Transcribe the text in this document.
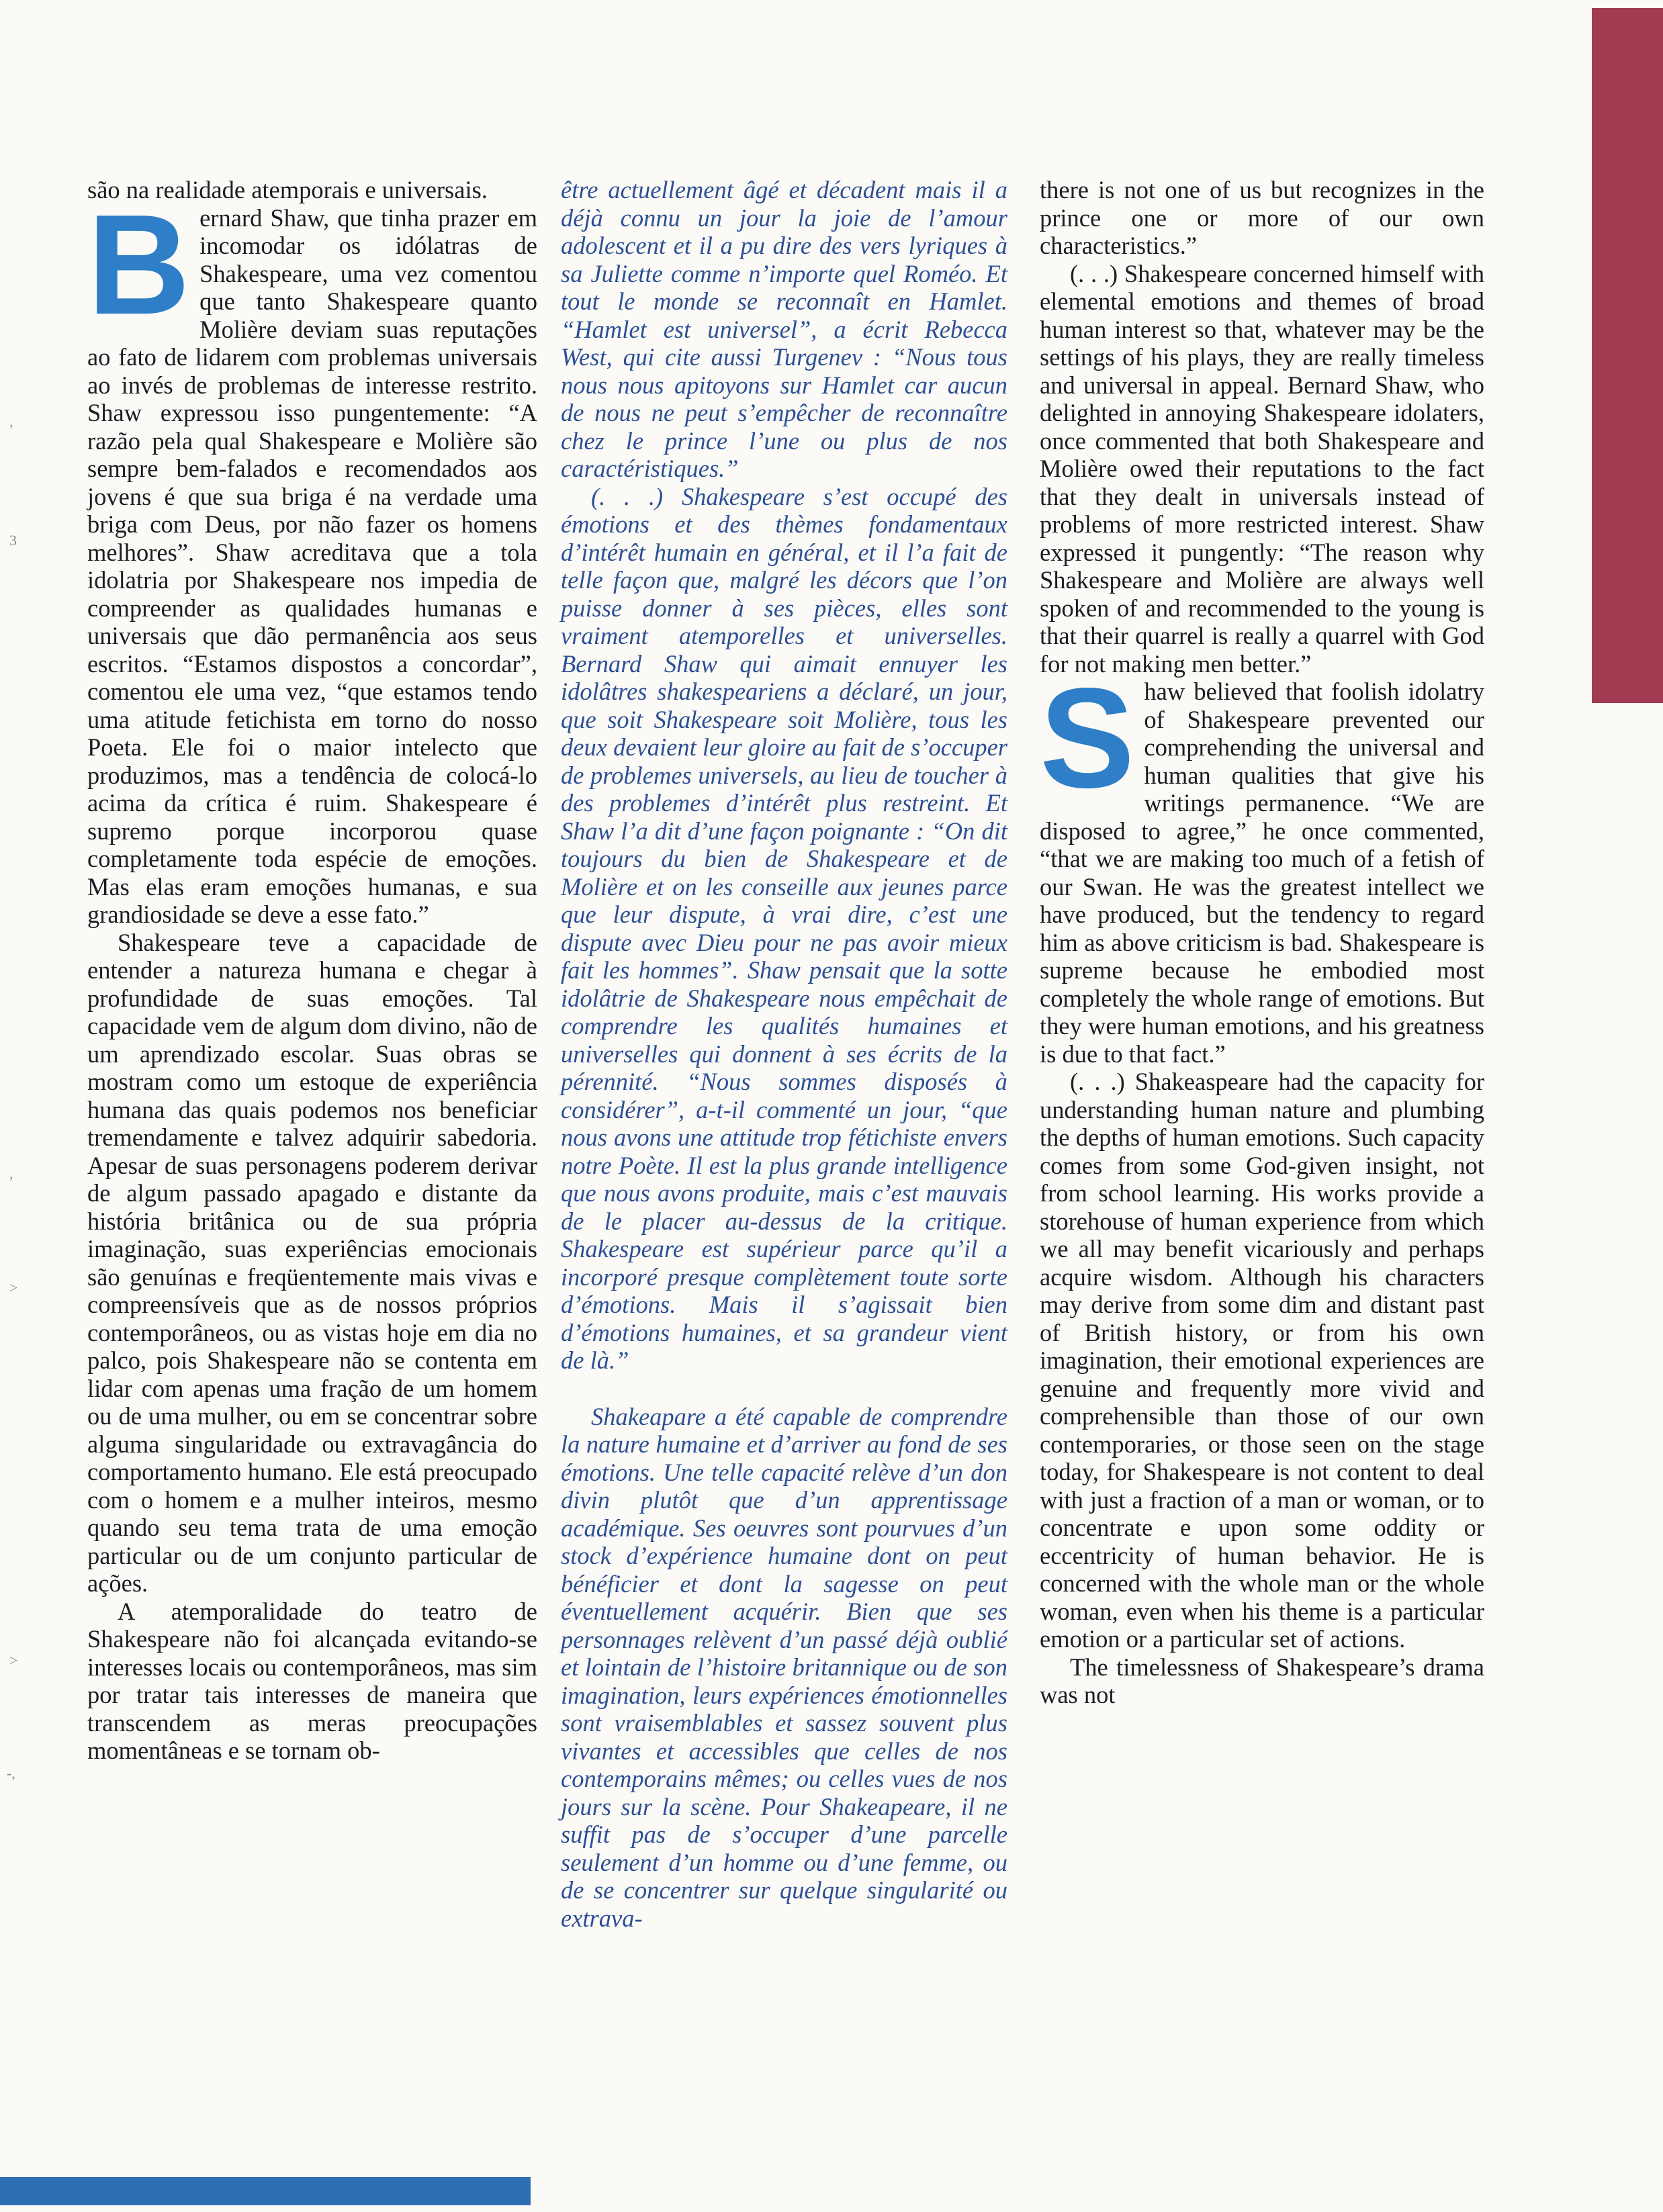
,
3
,
>
>
-,

são na realidade atemporais e universais.

Bernard Shaw, que tinha prazer em incomodar os idólatras de Shakespeare, uma vez comentou que tanto Shakespeare quanto Molière deviam suas reputações ao fato de lidarem com problemas universais ao invés de problemas de interesse restrito. Shaw expressou isso pungentemente: “A razão pela qual Shakespeare e Molière são sempre bem-falados e recomendados aos jovens é que sua briga é na verdade uma briga com Deus, por não fazer os homens melhores”. Shaw acreditava que a tola idolatria por Shakespeare nos impedia de compreender as qualidades humanas e universais que dão permanência aos seus escritos. “Estamos dispostos a concordar”, comentou ele uma vez, “que estamos tendo uma atitude fetichista em torno do nosso Poeta. Ele foi o maior intelecto que produzimos, mas a tendência de colocá-lo acima da crítica é ruim. Shakespeare é supremo porque incorporou quase completamente toda espécie de emoções. Mas elas eram emoções humanas, e sua grandiosidade se deve a esse fato.”

Shakespeare teve a capacidade de entender a natureza humana e chegar à profundidade de suas emoções. Tal capacidade vem de algum dom divino, não de um aprendizado escolar. Suas obras se mostram como um estoque de experiência humana das quais podemos nos beneficiar tremendamente e talvez adquirir sabedoria. Apesar de suas personagens poderem derivar de algum passado apagado e distante da história britânica ou de sua própria imaginação, suas experiências emocionais são genuínas e freqüentemente mais vivas e compreensíveis que as de nossos próprios contemporâneos, ou as vistas hoje em dia no palco, pois Shakespeare não se contenta em lidar com apenas uma fração de um homem ou de uma mulher, ou em se concentrar sobre alguma singularidade ou extravagância do comportamento humano. Ele está preocupado com o homem e a mulher inteiros, mesmo quando seu tema trata de uma emoção particular ou de um conjunto particular de ações.

A atemporalidade do teatro de Shakespeare não foi alcançada evitando-se interesses locais ou contemporâneos, mas sim por tratar tais interesses de maneira que transcendem as meras preocupações momentâneas e se tornam ob-

être actuellement âgé et décadent mais il a déjà connu un jour la joie de l’amour adolescent et il a pu dire des vers lyriques à sa Juliette comme n’importe quel Roméo. Et tout le monde se reconnaît en Hamlet. “Hamlet est universel”, a écrit Rebecca West, qui cite aussi Turgenev : “Nous tous nous nous apitoyons sur Hamlet car aucun de nous ne peut s’empêcher de reconnaître chez le prince l’une ou plus de nos caractéristiques.”

(. . .) Shakespeare s’est occupé des émotions et des thèmes fondamentaux d’intérêt humain en général, et il l’a fait de telle façon que, malgré les décors que l’on puisse donner à ses pièces, elles sont vraiment atemporelles et universelles. Bernard Shaw qui aimait ennuyer les idolâtres shakespeariens a déclaré, un jour, que soit Shakespeare soit Molière, tous les deux devaient leur gloire au fait de s’occuper de problemes universels, au lieu de toucher à des problemes d’intérêt plus restreint. Et Shaw l’a dit d’une façon poignante : “On dit toujours du bien de Shakespeare et de Molière et on les conseille aux jeunes parce que leur dispute, à vrai dire, c’est une dispute avec Dieu pour ne pas avoir mieux fait les hommes”. Shaw pensait que la sotte idolâtrie de Shakespeare nous empêchait de comprendre les qualités humaines et universelles qui donnent à ses écrits de la pérennité. “Nous sommes disposés à considérer”, a-t-il commenté un jour, “que nous avons une attitude trop fétichiste envers notre Poète. Il est la plus grande intelligence que nous avons produite, mais c’est mauvais de le placer au-dessus de la critique. Shakespeare est supérieur parce qu’il a incorporé presque complètement toute sorte d’émotions. Mais il s’agissait bien d’émotions humaines, et sa grandeur vient de là.”

Shakeapare a été capable de comprendre la nature humaine et d’arriver au fond de ses émotions. Une telle capacité relève d’un don divin plutôt que d’un apprentissage académique. Ses oeuvres sont pourvues d’un stock d’expérience humaine dont on peut bénéficier et dont la sagesse on peut éventuellement acquérir. Bien que ses personnages relèvent d’un passé déjà oublié et lointain de l’histoire britannique ou de son imagination, leurs expériences émotionnelles sont vraisemblables et sassez souvent plus vivantes et accessibles que celles de nos contemporains mêmes; ou celles vues de nos jours sur la scène. Pour Shakeapeare, il ne suffit pas de s’occuper d’une parcelle seulement d’un homme ou d’une femme, ou de se concentrer sur quelque singularité ou extrava-

there is not one of us but recognizes in the prince one or more of our own characteristics.”

(. . .) Shakespeare concerned himself with elemental emotions and themes of broad human interest so that, whatever may be the settings of his plays, they are really timeless and universal in appeal. Bernard Shaw, who delighted in annoying Shakespeare idolaters, once commented that both Shakespeare and Molière owed their reputations to the fact that they dealt in universals instead of problems of more restricted interest. Shaw expressed it pungently: “The reason why Shakespeare and Molière are always well spoken of and recommended to the young is that their quarrel is really a quarrel with God for not making men better.”

Shaw believed that foolish idolatry of Shakespeare prevented our comprehending the universal and human qualities that give his writings permanence. “We are disposed to agree,” he once commented, “that we are making too much of a fetish of our Swan. He was the greatest intellect we have produced, but the tendency to regard him as above criticism is bad. Shakespeare is supreme because he embodied most completely the whole range of emotions. But they were human emotions, and his greatness is due to that fact.”

(. . .) Shakeaspeare had the capacity for understanding human nature and plumbing the depths of human emotions. Such capacity comes from some God-given insight, not from school learning. His works provide a storehouse of human experience from which we all may benefit vicariously and perhaps acquire wisdom. Although his characters may derive from some dim and distant past of British history, or from his own imagination, their emotional experiences are genuine and frequently more vivid and comprehensible than those of our own contemporaries, or those seen on the stage today, for Shakespeare is not content to deal with just a fraction of a man or woman, or to concentrate e upon some oddity or eccentricity of human behavior. He is concerned with the whole man or the whole woman, even when his theme is a particular emotion or a particular set of actions.

The timelessness of Shakespeare’s drama was not
